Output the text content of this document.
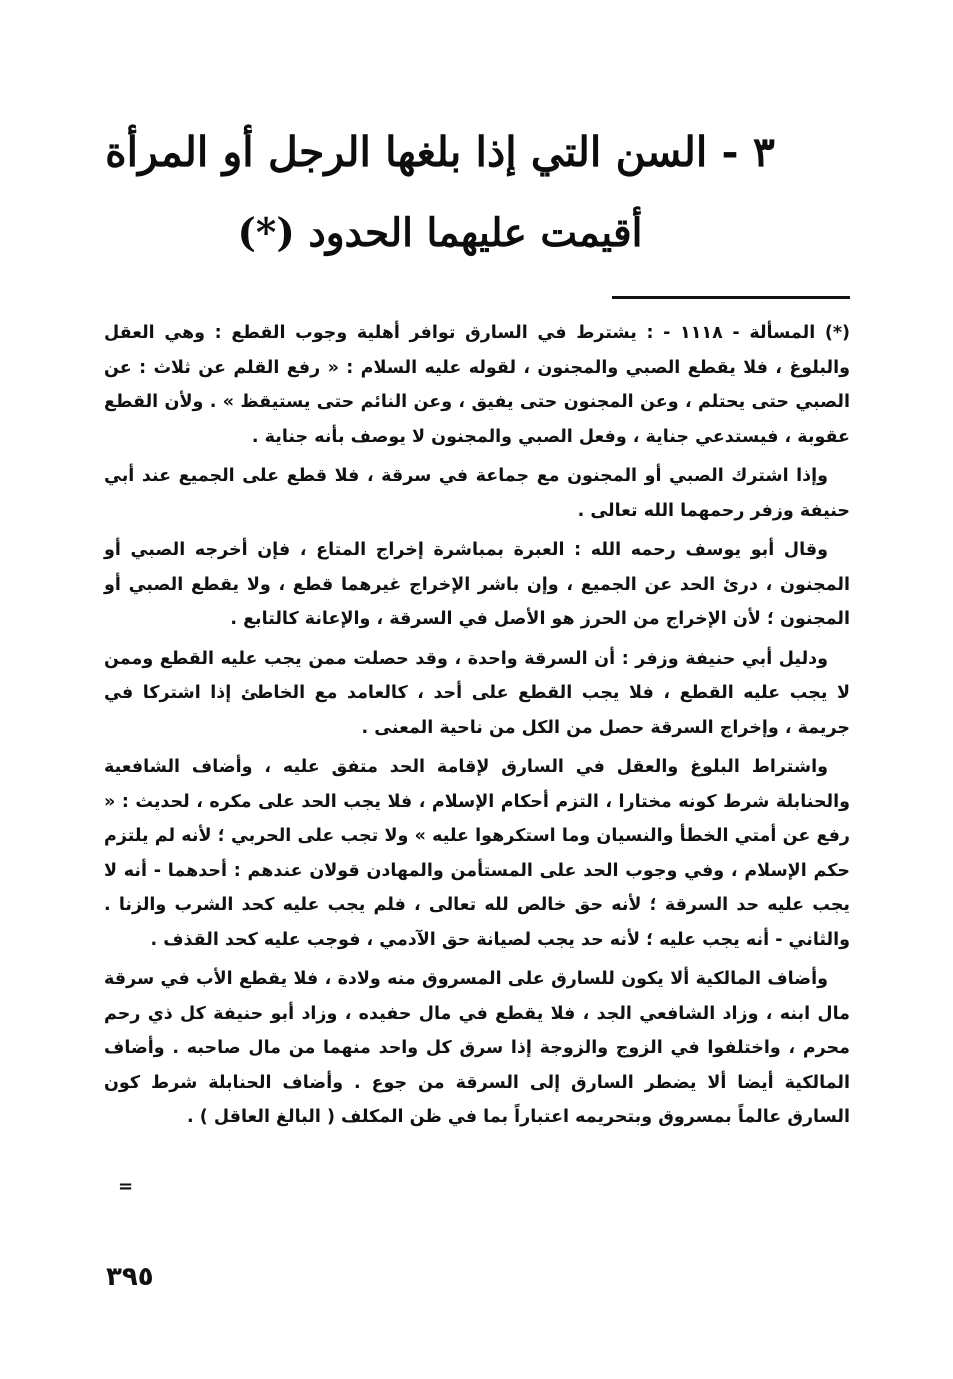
٣ - السن التي إذا بلغها الرجل أو المرأة
أقيمت عليهما الحدود (*)

(*) المسألة - ١١١٨ - : يشترط في السارق توافر أهلية وجوب القطع : وهي العقل والبلوغ ، فلا يقطع الصبي والمجنون ، لقوله عليه السلام : « رفع القلم عن ثلاث : عن الصبي حتى يحتلم ، وعن المجنون حتى يفيق ، وعن النائم حتى يستيقظ » . ولأن القطع عقوبة ، فيستدعي جناية ، وفعل الصبي والمجنون لا يوصف بأنه جناية .

وإذا اشترك الصبي أو المجنون مع جماعة في سرقة ، فلا قطع على الجميع عند أبي حنيفة وزفر رحمهما الله تعالى .

وقال أبو يوسف رحمه الله : العبرة بمباشرة إخراج المتاع ، فإن أخرجه الصبي أو المجنون ، درئ الحد عن الجميع ، وإن باشر الإخراج غيرهما قطع ، ولا يقطع الصبي أو المجنون ؛ لأن الإخراج من الحرز هو الأصل في السرقة ، والإعانة كالتابع .

ودليل أبي حنيفة وزفر : أن السرقة واحدة ، وقد حصلت ممن يجب عليه القطع وممن لا يجب عليه القطع ، فلا يجب القطع على أحد ، كالعامد مع الخاطئ إذا اشتركا في جريمة ، وإخراج السرقة حصل من الكل من ناحية المعنى .

واشتراط البلوغ والعقل في السارق لإقامة الحد متفق عليه ، وأضاف الشافعية والحنابلة شرط كونه مختارا ، التزم أحكام الإسلام ، فلا يجب الحد على مكره ، لحديث : « رفع عن أمتي الخطأ والنسيان وما استكرهوا عليه » ولا تجب على الحربي ؛ لأنه لم يلتزم حكم الإسلام ، وفي وجوب الحد على المستأمن والمهادن قولان عندهم : أحدهما - أنه لا يجب عليه حد السرقة ؛ لأنه حق خالص لله تعالى ، فلم يجب عليه كحد الشرب والزنا . والثاني - أنه يجب عليه ؛ لأنه حد يجب لصيانة حق الآدمي ، فوجب عليه كحد القذف .

وأضاف المالكية ألا يكون للسارق على المسروق منه ولادة ، فلا يقطع الأب في سرقة مال ابنه ، وزاد الشافعي الجد ، فلا يقطع في مال حفيده ، وزاد أبو حنيفة كل ذي رحم محرم ، واختلفوا في الزوج والزوجة إذا سرق كل واحد منهما من مال صاحبه . وأضاف المالكية أيضا ألا يضطر السارق إلى السرقة من جوع . وأضاف الحنابلة شرط كون السارق عالماً بمسروق وبتحريمه اعتباراً بما في ظن المكلف ( البالغ العاقل ) .

=
٣٩٥
